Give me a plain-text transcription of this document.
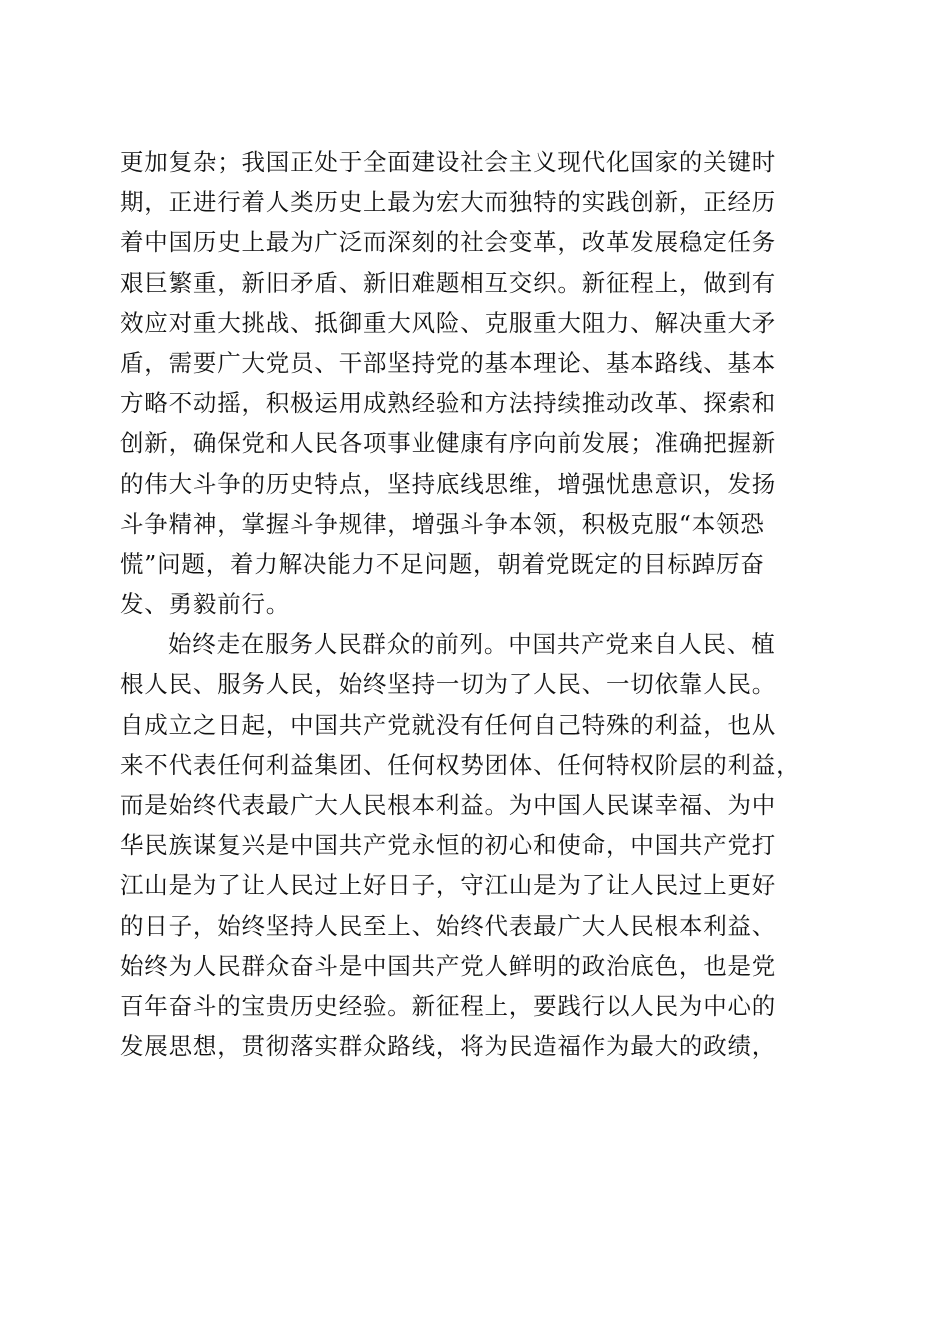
更加复杂；我国正处于全面建设社会主义现代化国家的关键时
期，正进行着人类历史上最为宏大而独特的实践创新，正经历
着中国历史上最为广泛而深刻的社会变革，改革发展稳定任务
艰巨繁重，新旧矛盾、新旧难题相互交织。新征程上，做到有
效应对重大挑战、抵御重大风险、克服重大阻力、解决重大矛
盾，需要广大党员、干部坚持党的基本理论、基本路线、基本
方略不动摇，积极运用成熟经验和方法持续推动改革、探索和
创新，确保党和人民各项事业健康有序向前发展；准确把握新
的伟大斗争的历史特点，坚持底线思维，增强忧患意识，发扬
斗争精神，掌握斗争规律，增强斗争本领，积极克服“本领恐
慌”问题，着力解决能力不足问题，朝着党既定的目标踔厉奋
发、勇毅前行。
始终走在服务人民群众的前列。中国共产党来自人民、植
根人民、服务人民，始终坚持一切为了人民、一切依靠人民。
自成立之日起，中国共产党就没有任何自己特殊的利益，也从
来不代表任何利益集团、任何权势团体、任何特权阶层的利益，
而是始终代表最广大人民根本利益。为中国人民谋幸福、为中
华民族谋复兴是中国共产党永恒的初心和使命，中国共产党打
江山是为了让人民过上好日子，守江山是为了让人民过上更好
的日子，始终坚持人民至上、始终代表最广大人民根本利益、
始终为人民群众奋斗是中国共产党人鲜明的政治底色，也是党
百年奋斗的宝贵历史经验。新征程上，要践行以人民为中心的
发展思想，贯彻落实群众路线，将为民造福作为最大的政绩，
